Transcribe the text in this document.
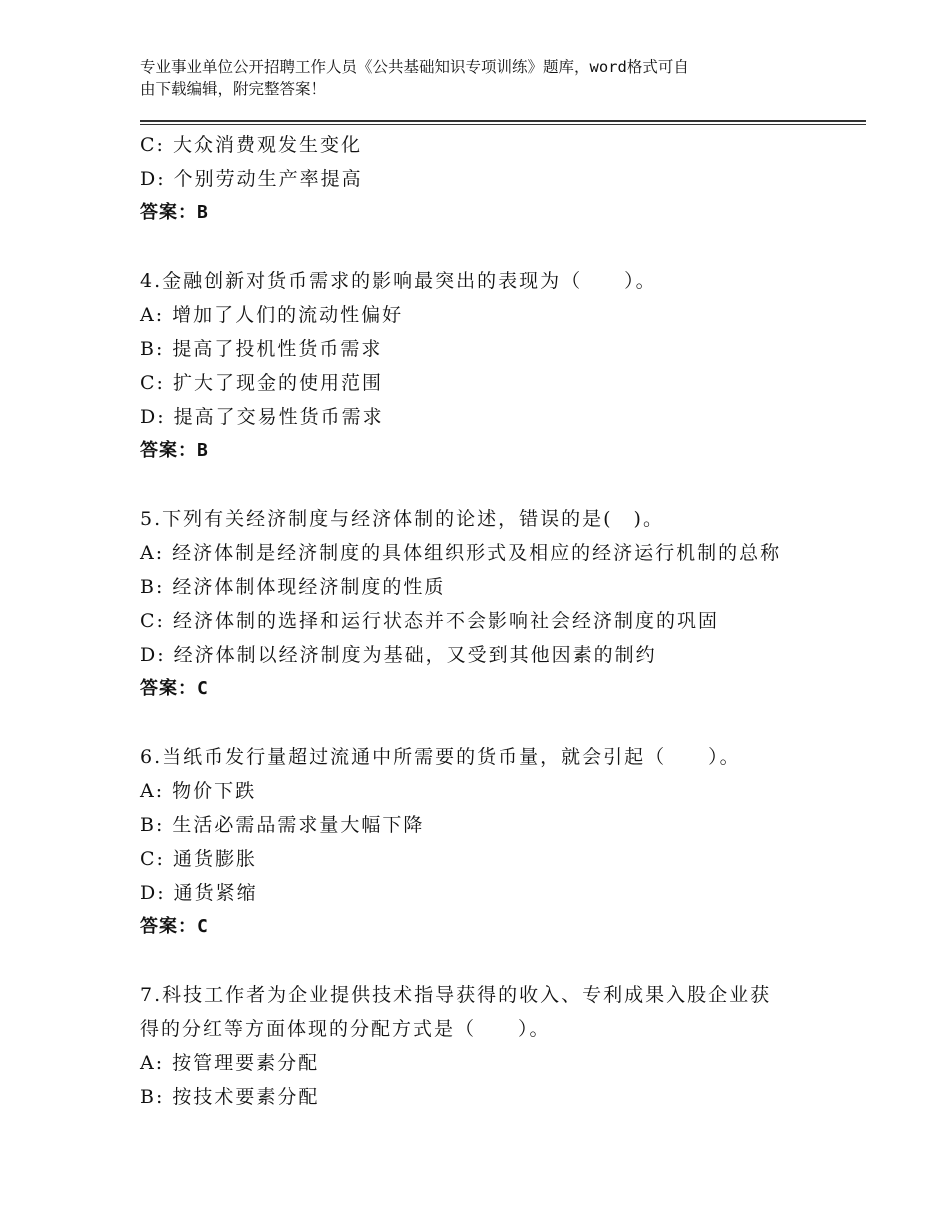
专业事业单位公开招聘工作人员《公共基础知识专项训练》题库，word格式可自
由下载编辑，附完整答案！
C: 大众消费观发生变化
D: 个别劳动生产率提高
答案：B
4.金融创新对货币需求的影响最突出的表现为（　　）。
A: 增加了人们的流动性偏好
B: 提高了投机性货币需求
C: 扩大了现金的使用范围
D: 提高了交易性货币需求
答案：B
5.下列有关经济制度与经济体制的论述，错误的是(　)。
A: 经济体制是经济制度的具体组织形式及相应的经济运行机制的总称
B: 经济体制体现经济制度的性质
C: 经济体制的选择和运行状态并不会影响社会经济制度的巩固
D: 经济体制以经济制度为基础，又受到其他因素的制约
答案：C
6.当纸币发行量超过流通中所需要的货币量，就会引起（　　）。
A: 物价下跌
B: 生活必需品需求量大幅下降
C: 通货膨胀
D: 通货紧缩
答案：C
7.科技工作者为企业提供技术指导获得的收入、专利成果入股企业获
得的分红等方面体现的分配方式是（　　）。
A: 按管理要素分配
B: 按技术要素分配
